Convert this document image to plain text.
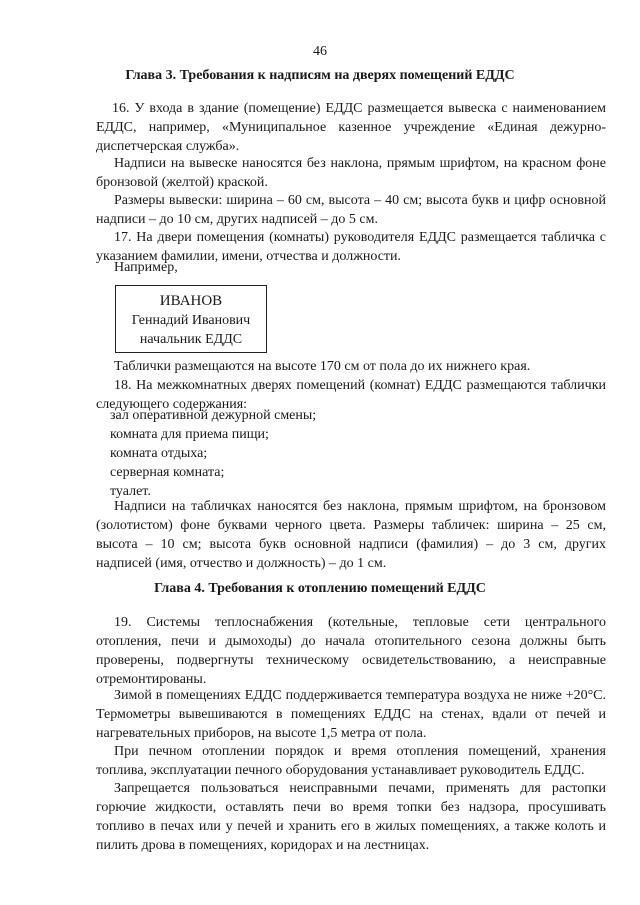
46
Глава 3. Требования к надписям на дверях помещений ЕДДС

16. У входа в здание (помещение) ЕДДС размещается вывеска с наименованием ЕДДС, например, «Муниципальное казенное учреждение «Единая дежурно-диспетчерская служба».

Надписи на вывеске наносятся без наклона, прямым шрифтом, на красном фоне бронзовой (желтой) краской.

Размеры вывески: ширина – 60 см, высота – 40 см; высота букв и цифр основной надписи – до 10 см, других надписей – до 5 см.

17. На двери помещения (комнаты) руководителя ЕДДС размещается табличка с указанием фамилии, имени, отчества и должности.

Например,

ИВАНОВ
Геннадий Иванович
начальник ЕДДС

Таблички размещаются на высоте 170 см от пола до их нижнего края.

18. На межкомнатных дверях помещений (комнат) ЕДДС размещаются таблички следующего содержания:

зал оперативной дежурной смены;
комната для приема пищи;
комната отдыха;
серверная комната;
туалет.

Надписи на табличках наносятся без наклона, прямым шрифтом, на бронзовом (золотистом) фоне буквами черного цвета. Размеры табличек: ширина – 25 см, высота – 10 см; высота букв основной надписи (фамилия) – до 3 см, других надписей (имя, отчество и должность) – до 1 см.

Глава 4. Требования к отоплению помещений ЕДДС

19. Системы теплоснабжения (котельные, тепловые сети центрального отопления, печи и дымоходы) до начала отопительного сезона должны быть проверены, подвергнуты техническому освидетельствованию, а неисправные отремонтированы.

Зимой в помещениях ЕДДС поддерживается температура воздуха не ниже +20°С. Термометры вывешиваются в помещениях ЕДДС на стенах, вдали от печей и нагревательных приборов, на высоте 1,5 метра от пола.

При печном отоплении порядок и время отопления помещений, хранения топлива, эксплуатации печного оборудования устанавливает руководитель ЕДДС.

Запрещается пользоваться неисправными печами, применять для растопки горючие жидкости, оставлять печи во время топки без надзора, просушивать топливо в печах или у печей и хранить его в жилых помещениях, а также колоть и пилить дрова в помещениях, коридорах и на лестницах.
